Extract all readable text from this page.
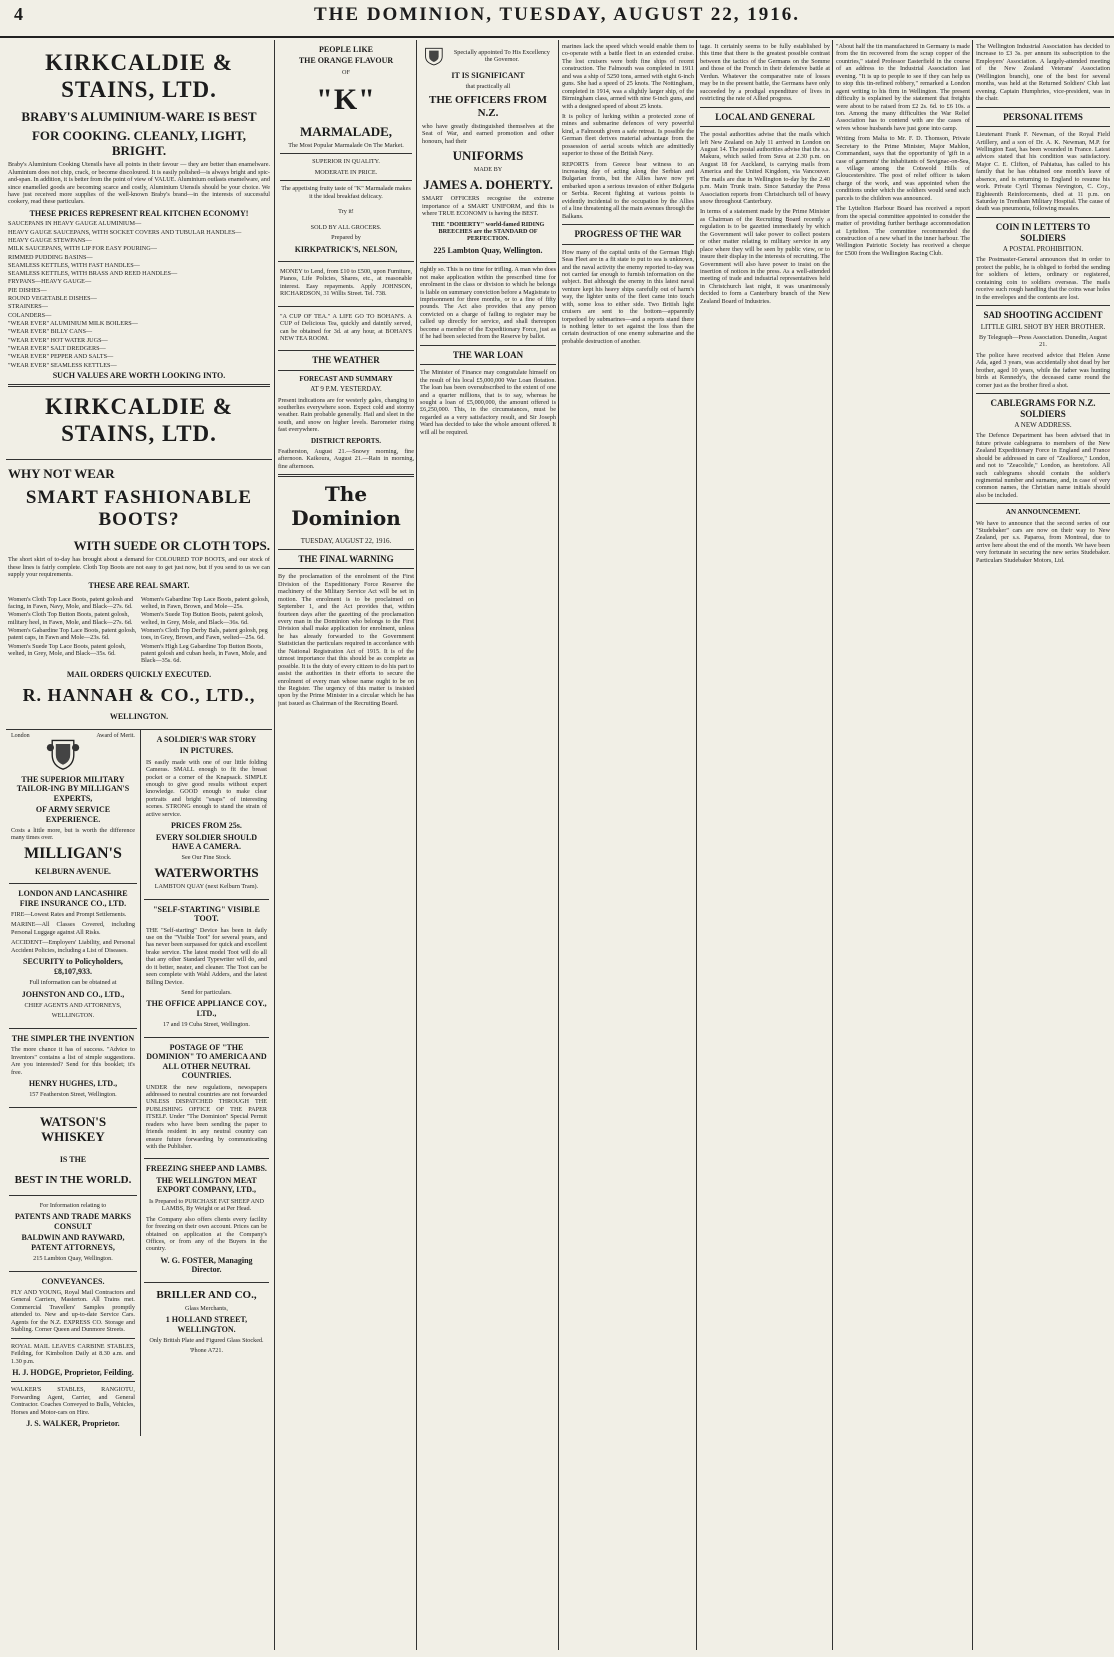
4	THE DOMINION, TUESDAY, AUGUST 22, 1916.
KIRKCALDIE & STAINS, LTD.
BRABY'S ALUMINIUM-WARE IS BEST
FOR COOKING. CLEANLY, LIGHT, BRIGHT.
Braby's Aluminium Cooking Utensils have all points in their favour — they are better than enamelware. Aluminium does not chip, crack, or become discoloured. It is easily polished—is always bright and spic-and-span. In addition, it is better from the point of view of VALUE. Aluminium outlasts enamelware, and since enamelled goods are becoming scarce and costly, Aluminium Utensils should be your choice. We have just received more supplies of the well-known Braby's brand—in the interests of successful cookery, read these particulars.
THESE PRICES REPRESENT REAL KITCHEN ECONOMY!
SAUCEPANS IN HEAVY GAUGE ALUMINIUM—
HEAVY GAUGE SAUCEPANS, WITH SOCKET COVERS AND TUBULAR HANDLES—
HEAVY GAUGE STEWPANS—
MILK SAUCEPANS, WITH LIP FOR EASY POURING—
RIMMED PUDDING BASINS—
SEAMLESS KETTLES, WITH FAST HANDLES—
SEAMLESS KETTLES, WITH BRASS AND REED HANDLES—
FRYPANS—HEAVY GAUGE—
PIE DISHES—
ROUND VEGETABLE DISHES—
STRAINERS—
COLANDERS—
"WEAR EVER" ALUMINIUM MILK BOILERS—
"WEAR EVER" BILLY CANS—
"WEAR EVER" HOT WATER JUGS—
"WEAR EVER" SALT DREDGERS—
"WEAR EVER" PEPPER AND SALTS—
"WEAR EVER" SEAMLESS KETTLES—
SUCH VALUES ARE WORTH LOOKING INTO.
KIRKCALDIE & STAINS, LTD.
WHY NOT WEAR
SMART FASHIONABLE BOOTS?
WITH SUEDE OR CLOTH TOPS.
The short skirt of to-day has brought about a demand for COLOURED TOP BOOTS, and our stock of these lines is fairly complete. Cloth Top Boots are not easy to get just now, but if you send to us we can supply your requirements.
THESE ARE REAL SMART.
Women's Cloth Top Lace Boots, patent golosh and facing, in Fawn, Navy, Mole, and Black—27s. 6d.
Women's Cloth Top Button Boots, patent golosh, military heel, in Fawn, Mole, and Black—27s. 6d.
Women's Gabardine Top Lace Boots, patent golosh, patent caps, in Fawn and Mole—23s. 6d.
Women's Suede Top Lace Boots, patent golosh, welted, in Grey, Mole, and Black—35s. 6d.
Women's Gabardine Top Lace Boots, patent golosh, welted, in Fawn, Brown, and Mole—25s.
Women's Suede Top Button Boots, patent golosh, welted, in Grey, Mole, and Black—36s. 6d.
Women's Cloth Top Derby Bals, patent golosh, peg toes, in Grey, Brown, and Fawn, welted—25s. 6d.
Women's High Leg Gabardine Top Button Boots, patent golosh and cuban heels, in Fawn, Mole, and Black—35s. 6d.
MAIL ORDERS QUICKLY EXECUTED.
R. HANNAH & CO., LTD.,
WELLINGTON.
London	Award of Merit.
THE SUPERIOR MILITARY TAILOR-ING BY MILLIGAN'S EXPERTS,
OF ARMY SERVICE EXPERIENCE.
Costs a little more, but is worth the difference many times over.
MILLIGAN'S
KELBURN AVENUE.
LONDON AND LANCASHIRE FIRE INSURANCE CO., LTD.
FIRE—Lowest Rates and Prompt Settlements.
MARINE—All Classes Covered, including Personal Luggage against All Risks.
ACCIDENT—Employers' Liability, and Personal Accident Policies, including a List of Diseases.
SECURITY to Policyholders, £8,107,933.
Full information can be obtained at
JOHNSTON AND CO., LTD.,
CHIEF AGENTS AND ATTORNEYS,
WELLINGTON.
THE SIMPLER THE INVENTION
The more chance it has of success. "Advice to Inventors" contains a list of simple suggestions. Are you interested? Send for this booklet; it's free.
HENRY HUGHES, LTD.,
157 Featherston Street, Wellington.
WATSON'S WHISKEY
IS THE
BEST IN THE WORLD.
For Information relating to
PATENTS AND TRADE MARKS CONSULT
BALDWIN AND RAYWARD, PATENT ATTORNEYS,
215 Lambton Quay, Wellington.
CONVEYANCES.
FLY AND YOUNG, Royal Mail Contractors and General Carriers, Masterton. All Trains met. Commercial Travellers' Samples promptly attended to. New and up-to-date Service Cars. Agents for the N.Z. EXPRESS CO. Storage and Stabling. Corner Queen and Dunmore Streets.
ROYAL MAIL LEAVES CARBINE STABLES, Feilding, for Kimbolton Daily at 8.30 a.m. and 1.30 p.m.
H. J. HODGE, Proprietor, Feilding.
WALKER'S STABLES, RANGIOTU, Forwarding Agent, Carrier, and General Contractor. Coaches Conveyed to Bulls, Vehicles, Horses and Motor-cars on Hire.
J. S. WALKER, Proprietor.
A SOLDIER'S WAR STORY
IN PICTURES.
IS easily made with one of our little folding Cameras. SMALL enough to fit the breast pocket or a corner of the Knapsack. SIMPLE enough to give good results without expert knowledge. GOOD enough to make clear portraits and bright "snaps" of interesting scenes. STRONG enough to stand the strain of active service.
PRICES FROM 25s.
EVERY SOLDIER SHOULD HAVE A CAMERA.
See Our Fine Stock.
WATERWORTHS
LAMBTON QUAY (next Kelburn Tram).
"SELF-STARTING" VISIBLE TOOT.
THE "Self-starting" Device has been in daily use on the "Visible Toot" for several years, and has never been surpassed for quick and excellent brake service. The latest model Toot will do all that any other Standard Typewriter will do, and do it better, neater, and cleaner. The Toot can be seen complete with Wahl Adders, and the latest Billing Device.
Send for particulars.
THE OFFICE APPLIANCE COY., LTD.,
17 and 19 Cuba Street, Wellington.
POSTAGE OF "THE DOMINION" TO AMERICA AND ALL OTHER NEUTRAL COUNTRIES.
UNDER the new regulations, newspapers addressed to neutral countries are not forwarded UNLESS DISPATCHED THROUGH THE PUBLISHING OFFICE OF THE PAPER ITSELF. Under "The Dominion" Special Permit readers who have been sending the paper to friends resident in any neutral country can ensure future forwarding by communicating with the Publisher.
FREEZING SHEEP AND LAMBS.
THE WELLINGTON MEAT EXPORT COMPANY, LTD.,
Is Prepared to PURCHASE FAT SHEEP AND LAMBS, By Weight or at Per Head.
The Company also offers clients every facility for freezing on their own account. Prices can be obtained on application at the Company's Offices, or from any of the Buyers in the country.
W. G. FOSTER, Managing Director.
BRILLER AND CO.,
Glass Merchants,
1 HOLLAND STREET, WELLINGTON.
Only British Plate and Figured Glass Stocked.
'Phone A721.
PEOPLE LIKE
THE ORANGE FLAVOUR
OF
"K"
MARMALADE,
The Most Popular Marmalade On The Market.
SUPERIOR IN QUALITY.
MODERATE IN PRICE.
The appetising fruity taste of "K" Marmalade makes it the ideal breakfast delicacy.
Try it!
SOLD BY ALL GROCERS.
Prepared by
KIRKPATRICK'S, NELSON,
MONEY to Lend, from £10 to £500, upon Furniture, Pianos, Life Policies, Shares, etc., at reasonable interest. Easy repayments. Apply JOHNSON, RICHARDSON, 31 Willis Street. Tel. 738.
"A CUP OF TEA." A LIFE GO TO BOHAN'S. A CUP of Delicious Tea, quickly and daintily served, can be obtained for 3d. at any hour, at BOHAN'S NEW TEA ROOM.
THE WEATHER
FORECAST AND SUMMARY
AT 9 P.M. YESTERDAY.
Present indications are for westerly gales, changing to southerlies everywhere soon. Expect cold and stormy weather. Rain probable generally. Hail and sleet in the south, and snow on higher levels. Barometer rising fast everywhere.
DISTRICT REPORTS.
Featherston, August 21.—Snowy morning, fine afternoon. Kaikoura, August 21.—Rain in morning, fine afternoon.
The Dominion
TUESDAY, AUGUST 22, 1916.
THE FINAL WARNING
By the proclamation of the enrolment of the First Division of the Expeditionary Force Reserve the machinery of the Military Service Act will be set in motion. The enrolment is to be proclaimed on September 1, and the Act provides that, within fourteen days after the gazetting of the proclamation every man in the Dominion who belongs to the First Division shall make application for enrolment, unless he has already forwarded to the Government Statistician the particulars required in accordance with the National Registration Act of 1915. It is of the utmost importance that this should be as complete as possible. It is the duty of every citizen to do his part to assist the authorities in their efforts to secure the enrolment of every man whose name ought to be on the Register. The urgency of this matter is insisted upon by the Prime Minister in a circular which he has just issued as Chairman of the Recruiting Board.
Specially appointed To His Excellency the Governor.
IT IS SIGNIFICANT
that practically all
THE OFFICERS FROM N.Z.
who have greatly distinguished themselves at the Seat of War, and earned promotion and other honours, had their
UNIFORMS
MADE BY
JAMES A. DOHERTY.
SMART OFFICERS recognise the extreme importance of a SMART UNIFORM, and this is where TRUE ECONOMY is having the BEST.
THE "DOHERTY" world-famed RIDING BREECHES are the STANDARD OF PERFECTION.
225 Lambton Quay, Wellington.
rightly so. This is no time for trifling. A man who does not make application within the prescribed time for enrolment in the class or division to which he belongs is liable on summary conviction before a Magistrate to imprisonment for three months, or to a fine of fifty pounds. The Act also provides that any person convicted on a charge of failing to register may be called up directly for service, and shall thereupon become a member of the Expeditionary Force, just as if he had been selected from the Reserve by ballot.
THE WAR LOAN
The Minister of Finance may congratulate himself on the result of his local £5,000,000 War Loan flotation. The loan has been oversubscribed to the extent of one and a quarter millions, that is to say, whereas he sought a loan of £5,000,000, the amount offered is £6,250,000. This, in the circumstances, must be regarded as a very satisfactory result, and Sir Joseph Ward has decided to take the whole amount offered. It will all be required.
marines lack the speed which would enable them to co-operate with a battle fleet in an extended cruise. The lost cruisers were both fine ships of recent construction. The Falmouth was completed in 1911 and was a ship of 5250 tons, armed with eight 6-inch guns. She had a speed of 25 knots. The Nottingham, completed in 1914, was a slightly larger ship, of the Birmingham class, armed with nine 6-inch guns, and with a designed speed of about 25 knots.
It is policy of lurking within a protected zone of mines and submarine defences of very powerful kind, a Falmouth given a safe retreat. Is possible the German fleet derives material advantage from the possession of aerial scouts which are admittedly superior to those of the British Navy.
REPORTS from Greece bear witness to an increasing day of acting along the Serbian and Bulgarian fronts, but the Allies have now yet embarked upon a serious invasion of either Bulgaria or Serbia. Recent fighting at various points is evidently incidental to the occupation by the Allies of a line threatening all the main avenues through the Balkans.
PROGRESS OF THE WAR
How many of the capital units of the German High Seas Fleet are in a fit state to put to sea is unknown, and the naval activity the enemy reported to-day was not carried far enough to furnish information on the subject. But although the enemy in this latest naval venture kept his heavy ships carefully out of harm's way, the lighter units of the fleet came into touch with, some loss to either side. Two British light cruisers are sent to the bottom—apparently torpedoed by submarines—and a reports stand there is nothing letter to set against the loss than the certain destruction of one enemy submarine and the probable destruction of another.
tage. It certainly seems to be fully established by this time that there is the greatest possible contrast between the tactics of the Germans on the Somme and those of the French in their defensive battle at Verdun. Whatever the comparative rate of losses may be in the present battle, the Germans have only succeeded by a prodigal expenditure of lives in restricting the rate of Allied progress.
LOCAL AND GENERAL
The postal authorities advise that the mails which left New Zealand on July 11 arrived in London on August 14. The postal authorities advise that the s.s. Makura, which sailed from Suva at 2.30 p.m. on August 18 for Auckland, is carrying mails from America and the United Kingdom, via Vancouver. The mails are due in Wellington to-day by the 2.40 p.m. Main Trunk train. Since Saturday the Press Association reports from Christchurch tell of heavy snow throughout Canterbury.
In terms of a statement made by the Prime Minister as Chairman of the Recruiting Board recently a regulation is to be gazetted immediately by which the Government will take power to collect posters or other matter relating to military service in any place where they will be seen by public view, or to insure their display in the interests of recruiting. The Government will also have power to insist on the insertion of notices in the press. As a well-attended meeting of trade and industrial representatives held in Christchurch last night, it was unanimously decided to form a Canterbury branch of the New Zealand Board of Industries.
"About half the tin manufactured in Germany is made from the tin recovered from the scrap copper of the countries," stated Professor Easterfield in the course of an address to the Industrial Association last evening. "It is up to people to see if they can help us to stop this tin-refined robbery," remarked a London agent writing to his firm in Wellington. The present difficulty is explained by the statement that freights were about to be raised from £2 2s. 6d. to £6 10s. a ton. Among the many difficulties the War Relief Association has to contend with are the cases of wives whose husbands have just gone into camp.
Writing from Malta to Mr. F. D. Thomson, Private Secretary to the Prime Minister, Major Mahlon, Commandant, says that the opportunity of 'gift in a case of garments' the inhabitants of Sevignac-on-Sea, a village among the Cotswold Hills of Gloucestershire. The post of relief officer is taken charge of the work, and was appointed when the conditions under which the soldiers would send such parcels to the children was announced.
The Lyttelton Harbour Board has received a report from the special committee appointed to consider the matter of providing further berthage accommodation at Lyttelton. The committee recommended the construction of a new wharf in the inner harbour. The Wellington Patriotic Society has received a cheque for £500 from the Wellington Racing Club.
The Wellington Industrial Association has decided to increase to £3 3s. per annum its subscription to the Employers' Association. A largely-attended meeting of the New Zealand Veterans' Association (Wellington branch), one of the best for several months, was held at the Returned Soldiers' Club last evening. Captain Humphries, vice-president, was in the chair.
PERSONAL ITEMS
Lieutenant Frank F. Newman, of the Royal Field Artillery, and a son of Dr. A. K. Newman, M.P. for Wellington East, has been wounded in France. Latest advices stated that his condition was satisfactory. Major C. E. Clifton, of Pahiatua, has called to his family that he has obtained one month's leave of absence, and is returning to England to resume his work. Private Cyril Thomas Nevington, C. Coy., Eighteenth Reinforcements, died at 11 p.m. on Saturday in Trentham Military Hospital. The cause of death was pneumonia, following measles.
COIN IN LETTERS TO SOLDIERS
A POSTAL PROHIBITION.
The Postmaster-General announces that in order to protect the public, he is obliged to forbid the sending for soldiers of letters, ordinary or registered, containing coin to soldiers overseas. The mails receive such rough handling that the coins wear holes in the envelopes and the contents are lost.
SAD SHOOTING ACCIDENT
LITTLE GIRL SHOT BY HER BROTHER.
By Telegraph—Press Association. Dunedin, August 21.
The police have received advice that Helen Anne Ada, aged 3 years, was accidentally shot dead by her brother, aged 10 years, while the father was hunting birds at Kennedy's, the deceased came round the corner just as the brother fired a shot.
CABLEGRAMS FOR N.Z. SOLDIERS
A NEW ADDRESS.
The Defence Department has been advised that in future private cablegrams to members of the New Zealand Expeditionary Force in England and France should be addressed in care of "Zealforce," London, and not to "Zeacolide," London, as heretofore. All such cablegrams should contain the soldier's regimental number and surname, and, in case of very common names, the Christian name initials should also be included.
AN ANNOUNCEMENT.
We have to announce that the second series of our "Studebaker" cars are now on their way to New Zealand, per s.s. Paparoa, from Montreal, due to arrive here about the end of the month. We have been very fortunate in securing the new series Studebaker. Particulars Studebaker Motors, Ltd.
